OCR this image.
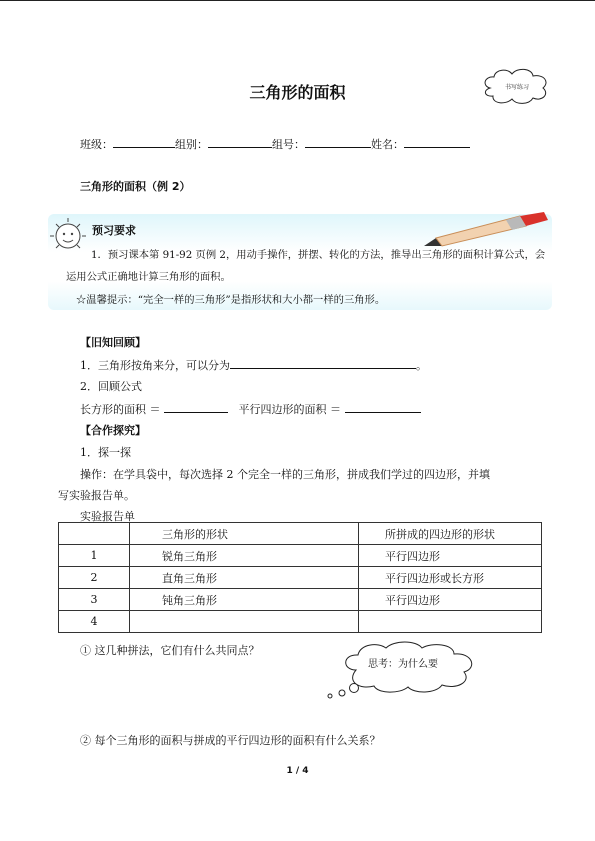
三角形的面积	书写练习
班级：	组别：	组号：	姓名：
三角形的面积（例 2）
预习要求
1．预习课本第 91-92 页例 2，用动手操作，拼摆、转化的方法，推导出三角形的面积计算公式，会
运用公式正确地计算三角形的面积。
☆温馨提示：“完全一样的三角形”是指形状和大小都一样的三角形。
【旧知回顾】
1．三角形按角来分，可以分为	。
2．回顾公式
长方形的面积 ＝	平行四边形的面积 ＝
【合作探究】
1．探一探
操作：在学具袋中，每次选择 2 个完全一样的三角形，拼成我们学过的四边形，并填
写实验报告单。
实验报告单
	三角形的形状	所拼成的四边形的形状
1	锐角三角形	平行四边形
2	直角三角形	平行四边形或长方形
3	钝角三角形	平行四边形
4		
① 这几种拼法，它们有什么共同点？
思考：为什么要
② 每个三角形的面积与拼成的平行四边形的面积有什么关系？
1 / 4
